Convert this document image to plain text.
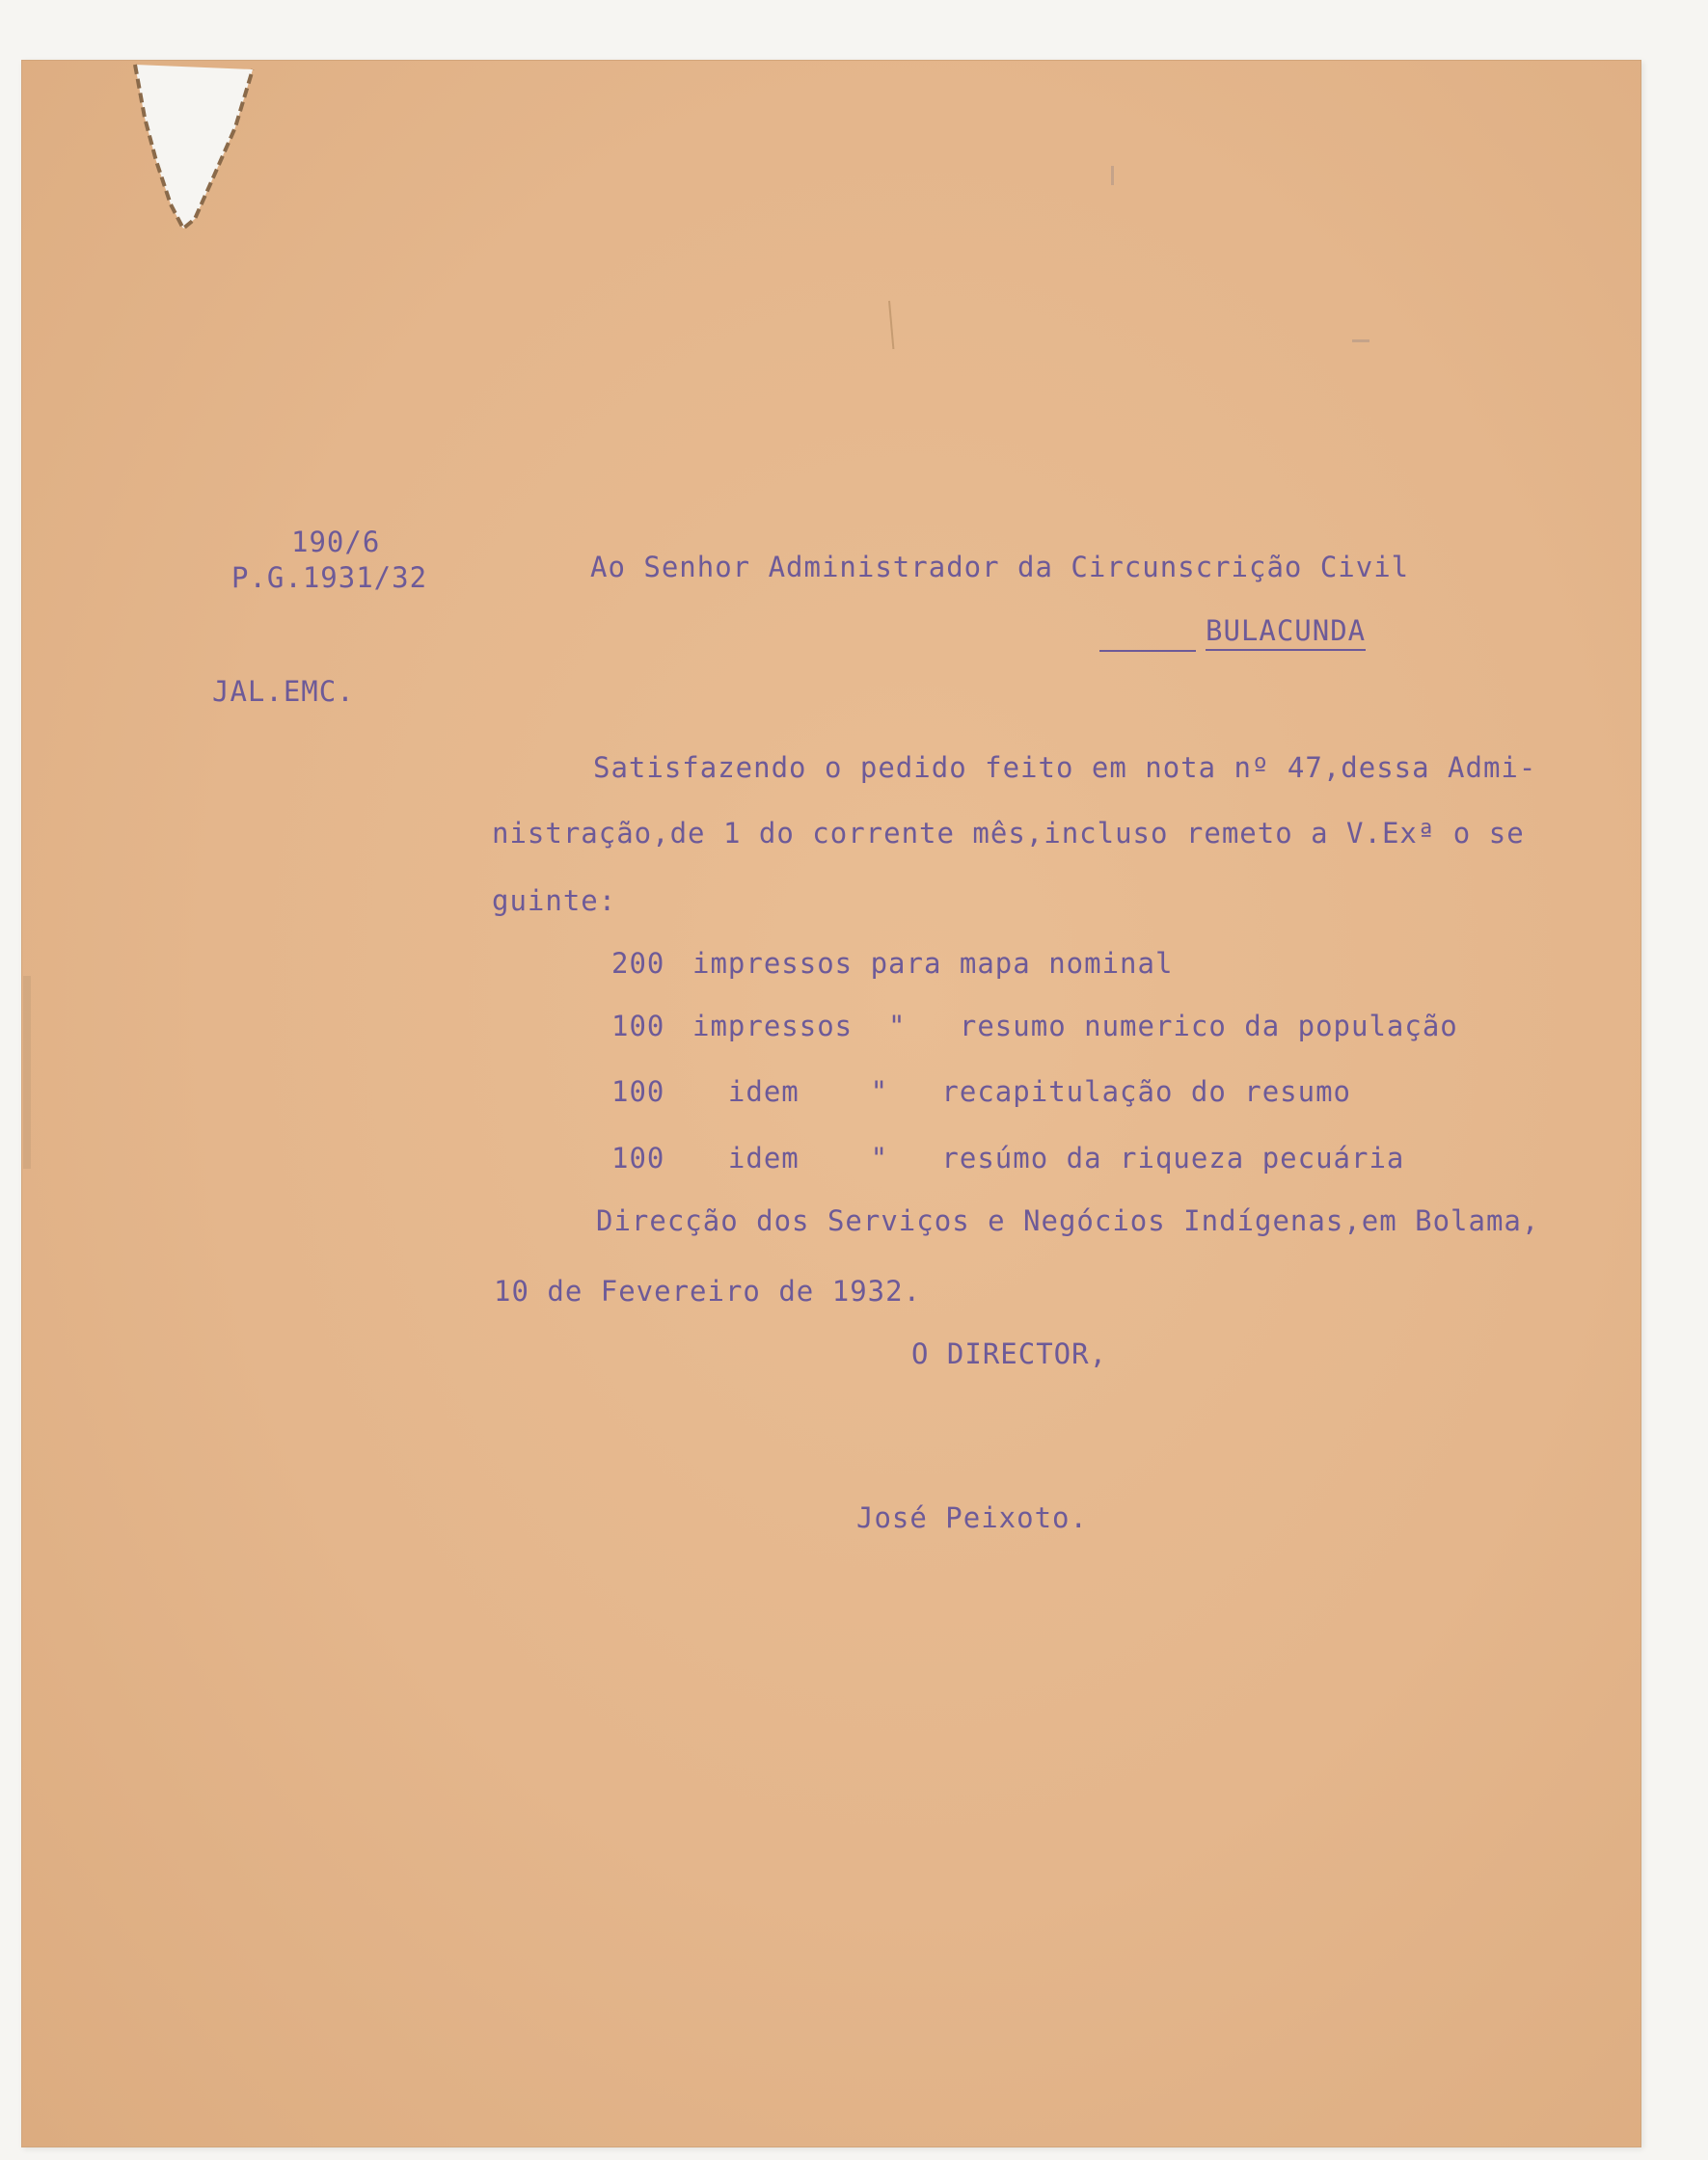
190/6
P.G.1931/32
JAL.EMC.
Ao Senhor Administrador da Circunscrição Civil
BULACUNDA
Satisfazendo o pedido feito em nota nº 47,dessa Admi-
nistração,de 1 do corrente mês,incluso remeto a V.Exª o se
guinte:
200 impressos para mapa nominal
100 impressos  "   resumo numerico da população
100 idem    "   recapitulação do resumo
100 idem    "   resúmo da riqueza pecuária
Direcção dos Serviços e Negócios Indígenas,em Bolama,
10 de Fevereiro de 1932.
O DIRECTOR,
José Peixoto.
